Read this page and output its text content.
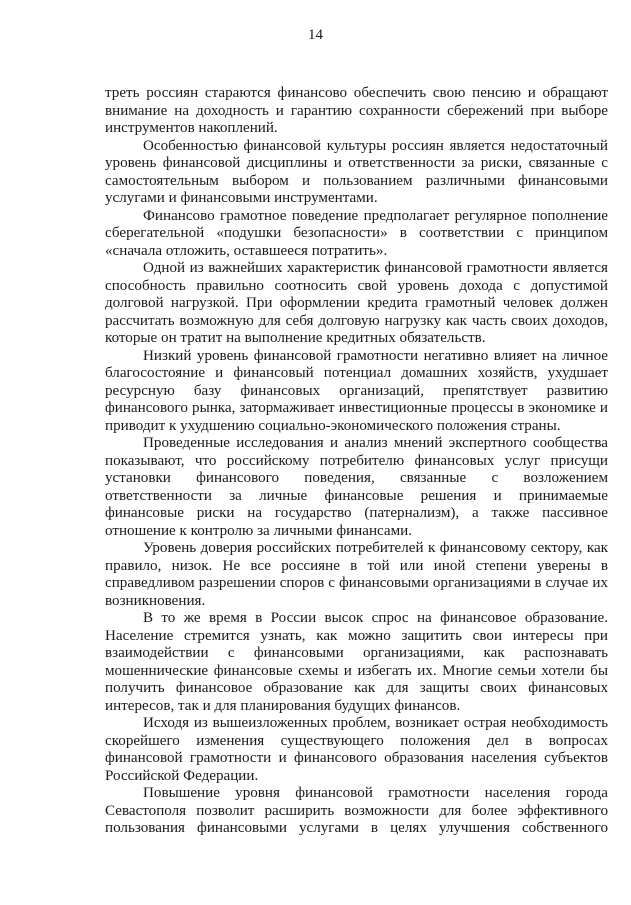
14

треть россиян стараются финансово обеспечить свою пенсию и обращают внимание на доходность и гарантию сохранности сбережений при выборе инструментов накоплений.

Особенностью финансовой культуры россиян является недостаточный уровень финансовой дисциплины и ответственности за риски, связанные с самостоятельным выбором и пользованием различными финансовыми услугами и финансовыми инструментами.

Финансово грамотное поведение предполагает регулярное пополнение сберегательной «подушки безопасности» в соответствии с принципом «сначала отложить, оставшееся потратить».

Одной из важнейших характеристик финансовой грамотности является способность правильно соотносить свой уровень дохода с допустимой долговой нагрузкой. При оформлении кредита грамотный человек должен рассчитать возможную для себя долговую нагрузку как часть своих доходов, которые он тратит на выполнение кредитных обязательств.

Низкий уровень финансовой грамотности негативно влияет на личное благосостояние и финансовый потенциал домашних хозяйств, ухудшает ресурсную базу финансовых организаций, препятствует развитию финансового рынка, затормаживает инвестиционные процессы в экономике и приводит к ухудшению социально-экономического положения страны.

Проведенные исследования и анализ мнений экспертного сообщества показывают, что российскому потребителю финансовых услуг присущи установки финансового поведения, связанные с возложением ответственности за личные финансовые решения и принимаемые финансовые риски на государство (патернализм), а также пассивное отношение к контролю за личными финансами.

Уровень доверия российских потребителей к финансовому сектору, как правило, низок. Не все россияне в той или иной степени уверены в справедливом разрешении споров с финансовыми организациями в случае их возникновения.

В то же время в России высок спрос на финансовое образование. Население стремится узнать, как можно защитить свои интересы при взаимодействии с финансовыми организациями, как распознавать мошеннические финансовые схемы и избегать их. Многие семьи хотели бы получить финансовое образование как для защиты своих финансовых интересов, так и для планирования будущих финансов.

Исходя из вышеизложенных проблем, возникает острая необходимость скорейшего изменения существующего положения дел в вопросах финансовой грамотности и финансового образования населения субъектов Российской Федерации.

Повышение уровня финансовой грамотности населения города Севастополя позволит расширить возможности для более эффективного пользования финансовыми услугами в целях улучшения собственного
